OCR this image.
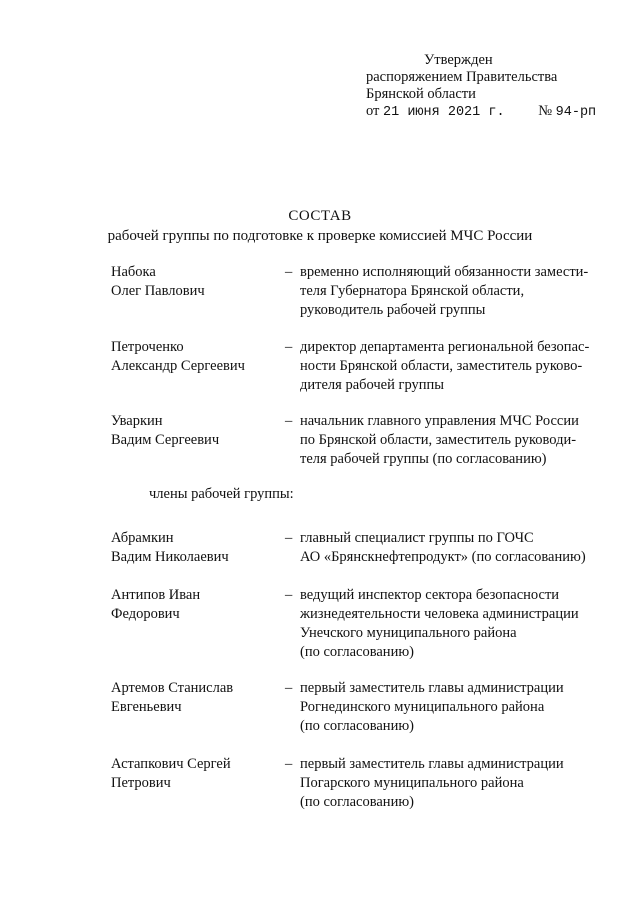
Утвержден
распоряжением Правительства
Брянской области
от 21 июня 2021 г. № 94-рп
СОСТАВ
рабочей группы по подготовке к проверке комиссией МЧС России
Набока
Олег Павлович
– временно исполняющий обязанности замести-
теля Губернатора Брянской области,
руководитель рабочей группы
Петроченко
Александр Сергеевич
– директор департамента региональной безопас-
ности Брянской области, заместитель руково-
дителя рабочей группы
Уваркин
Вадим Сергеевич
– начальник главного управления МЧС России
по Брянской области, заместитель руководи-
теля рабочей группы (по согласованию)
члены рабочей группы:
Абрамкин
Вадим Николаевич
– главный специалист группы по ГОЧС
АО «Брянскнефтепродукт» (по согласованию)
Антипов Иван
Федорович
– ведущий инспектор сектора безопасности
жизнедеятельности человека администрации
Унечского муниципального района
(по согласованию)
Артемов Станислав
Евгеньевич
– первый заместитель главы администрации
Рогнединского муниципального района
(по согласованию)
Астапкович Сергей
Петрович
– первый заместитель главы администрации
Погарского муниципального района
(по согласованию)
